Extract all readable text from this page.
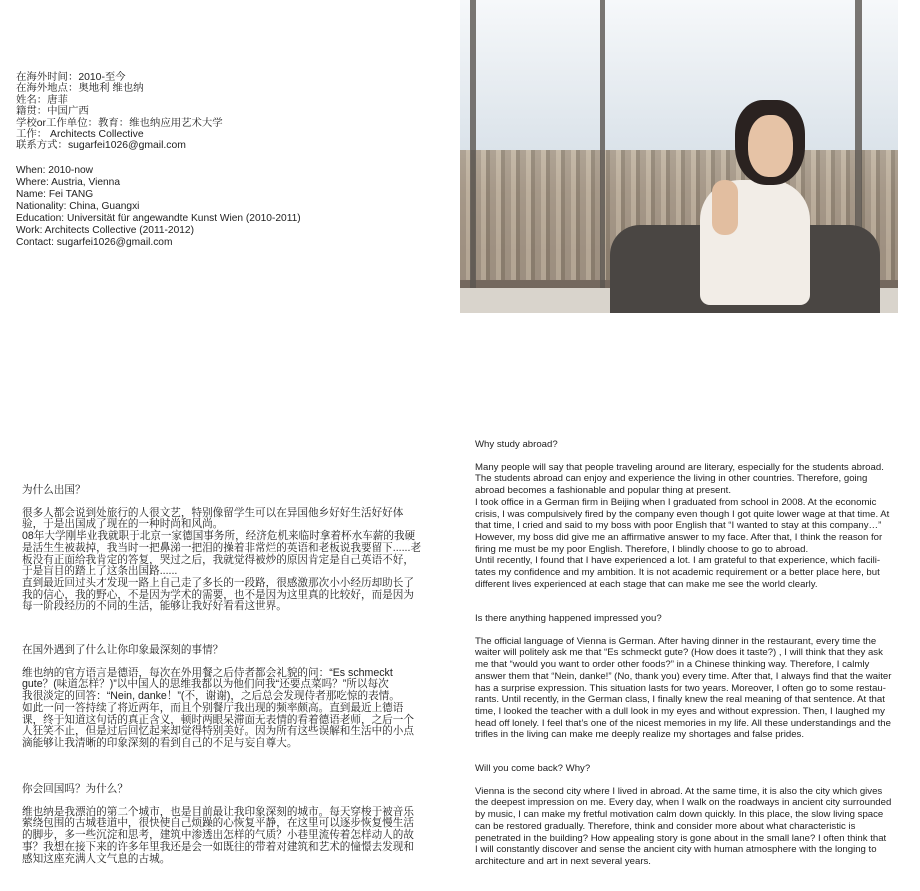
在海外时间：2010-至今
在海外地点：奥地利 维也纳
姓名：唐菲
籍贯：中国广西
学校or工作单位：教育：维也纳应用艺术大学
工作： Architects Collective
联系方式：sugarfei1026@gmail.com
When: 2010-now
Where: Austria, Vienna
Name: Fei TANG
Nationality: China, Guangxi
Education: Universität für angewandte Kunst Wien (2010-2011)
Work: Architects Collective (2011-2012)
Contact: sugarfei1026@gmail.com
为什么出国？
很多人都会说到处旅行的人很文艺，特别像留学生可以在异国他乡好好生活好好体
验，于是出国成了现在的一种时尚和风尚。
08年大学刚毕业我就职于北京一家德国事务所，经济危机来临时拿着杯水车薪的我硬
是活生生被裁掉，我当时一把鼻涕一把泪的操着非常烂的英语和老板说我要留下......老
板没有正面给我肯定的答复，哭过之后，我就觉得被炒的原因肯定是自己英语不好，
于是盲目的踏上了这条出国路......
直到最近回过头才发现一路上自己走了多长的一段路，很感激那次小小经历却助长了
我的信心，我的野心，不是因为学术的需要，也不是因为这里真的比较好，而是因为
每一阶段经历的不同的生活，能够让我好好看看这世界。
在国外遇到了什么让你印象最深刻的事情？
维也纳的官方语言是德语，每次在外用餐之后侍者都会礼貌的问：“Es schmeckt
gute？(味道怎样？)”以中国人的思维我都以为他们问我“还要点菜吗？”所以每次
我很淡定的回答：“Nein, danke！”(不，谢谢)，之后总会发现侍者那吃惊的表情。
如此一问一答持续了将近两年，而且个别餐厅我出现的频率颇高。直到最近上德语
课，终于知道这句话的真正含义，顿时两眼呆滞面无表情的看着德语老师，之后一个
人狂笑不止，但是过后回忆起来却觉得特别美好。因为所有这些误解和生活中的小点
滴能够让我清晰的印象深刻的看到自己的不足与妄自尊大。
你会回国吗？为什么？
维也纳是我漂泊的第二个城市，也是目前最让我印象深刻的城市。每天穿梭于被音乐
萦绕包围的古城巷道中，很快使自己烦躁的心恢复平静，在这里可以逐步恢复慢生活
的脚步，多一些沉淀和思考，建筑中渗透出怎样的气质？小巷里流传着怎样动人的故
事？我想在接下来的许多年里我还是会一如既往的带着对建筑和艺术的憧憬去发现和
感知这座充满人文气息的古城。
Why study abroad?
Many people will say that people traveling around are literary, especially for the students abroad.
The students abroad can enjoy and experience the living in other countries. Therefore, going
abroad becomes a fashionable and popular thing at present.
I took office in a German firm in Beijing when I graduated from school in 2008. At the economic
crisis, I was compulsively fired by the company even though I got quite lower wage at that time. At
that time, I cried and said to my boss with poor English that “I wanted to stay at this company…”
However, my boss did give me an affirmative answer to my face. After that, I think the reason for
firing me must be my poor English. Therefore, I blindly choose to go to abroad.
Until recently, I found that I have experienced a lot. I am grateful to that experience, which facili-
tates my confidence and my ambition. It is not academic requirement or a better place here, but
different lives experienced at each stage that can make me see the world clearly.
Is there anything happened impressed you?
The official language of Vienna is German. After having dinner in the restaurant, every time the
waiter will politely ask me that “Es schmeckt gute? (How does it taste?) , I will think that they ask
me that “would you want to order other foods?” in a Chinese thinking way. Therefore, I calmly
answer them that “Nein, danke!” (No, thank you) every time. After that, I always find that the waiter
has a surprise expression. This situation lasts for two years. Moreover, I often go to some restau-
rants. Until recently, in the German class, I finally knew the real meaning of that sentence. At that
time, I looked the teacher with a dull look in my eyes and without expression. Then, I laughed my
head off lonely. I feel that’s one of the nicest memories in my life. All these understandings and the
trifles in the living can make me deeply realize my shortages and false prides.
Will you come back? Why?
Vienna is the second city where I lived in abroad. At the same time, it is also the city which gives
the deepest impression on me. Every day, when I walk on the roadways in ancient city surrounded
by music, I can make my fretful motivation calm down quickly. In this place, the slow living space
can be restored gradually. Therefore, think and consider more about what characteristic is
penetrated in the building? How appealing story is gone about in the small lane? I often think that
I will constantly discover and sense the ancient city with human atmosphere with the longing to
architecture and art in next several years.
